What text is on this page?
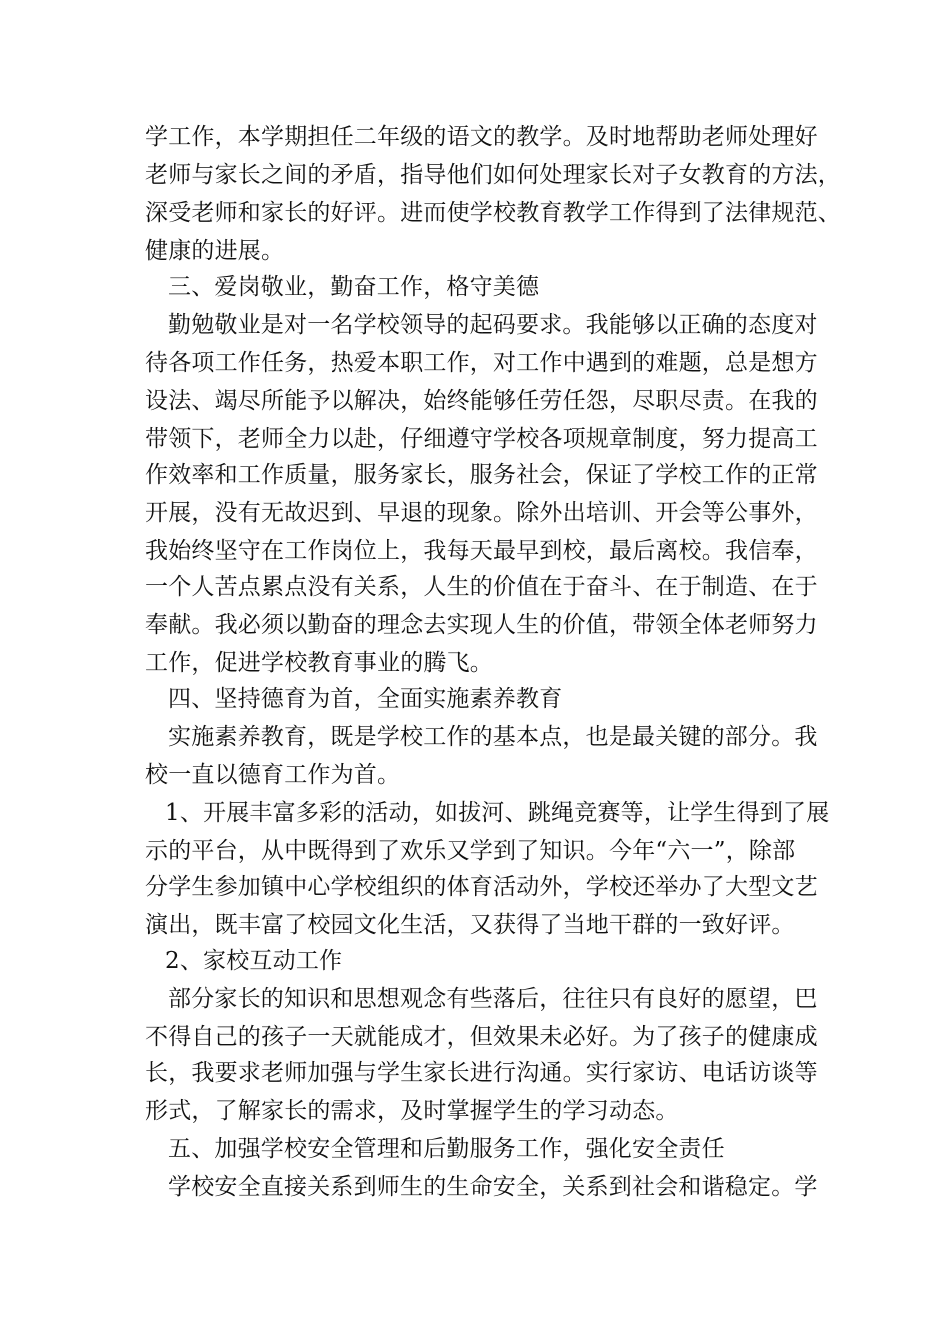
学工作，本学期担任二年级的语文的教学。及时地帮助老师处理好
老师与家长之间的矛盾，指导他们如何处理家长对子女教育的方法，
深受老师和家长的好评。进而使学校教育教学工作得到了法律规范、
健康的进展。
三、爱岗敬业，勤奋工作，格守美德
勤勉敬业是对一名学校领导的起码要求。我能够以正确的态度对
待各项工作任务，热爱本职工作，对工作中遇到的难题，总是想方
设法、竭尽所能予以解决，始终能够任劳任怨，尽职尽责。在我的
带领下，老师全力以赴，仔细遵守学校各项规章制度，努力提高工
作效率和工作质量，服务家长，服务社会，保证了学校工作的正常
开展，没有无故迟到、早退的现象。除外出培训、开会等公事外，
我始终坚守在工作岗位上，我每天最早到校，最后离校。我信奉，
一个人苦点累点没有关系，人生的价值在于奋斗、在于制造、在于
奉献。我必须以勤奋的理念去实现人生的价值，带领全体老师努力
工作，促进学校教育事业的腾飞。
四、坚持德育为首，全面实施素养教育
实施素养教育，既是学校工作的基本点，也是最关键的部分。我
校一直以德育工作为首。
1、开展丰富多彩的活动，如拔河、跳绳竞赛等，让学生得到了展
示的平台，从中既得到了欢乐又学到了知识。今年“六一”，除部
分学生参加镇中心学校组织的体育活动外，学校还举办了大型文艺
演出，既丰富了校园文化生活，又获得了当地干群的一致好评。
2、家校互动工作
部分家长的知识和思想观念有些落后，往往只有良好的愿望，巴
不得自己的孩子一天就能成才，但效果未必好。为了孩子的健康成
长，我要求老师加强与学生家长进行沟通。实行家访、电话访谈等
形式，了解家长的需求，及时掌握学生的学习动态。
五、加强学校安全管理和后勤服务工作，强化安全责任
学校安全直接关系到师生的生命安全，关系到社会和谐稳定。学
